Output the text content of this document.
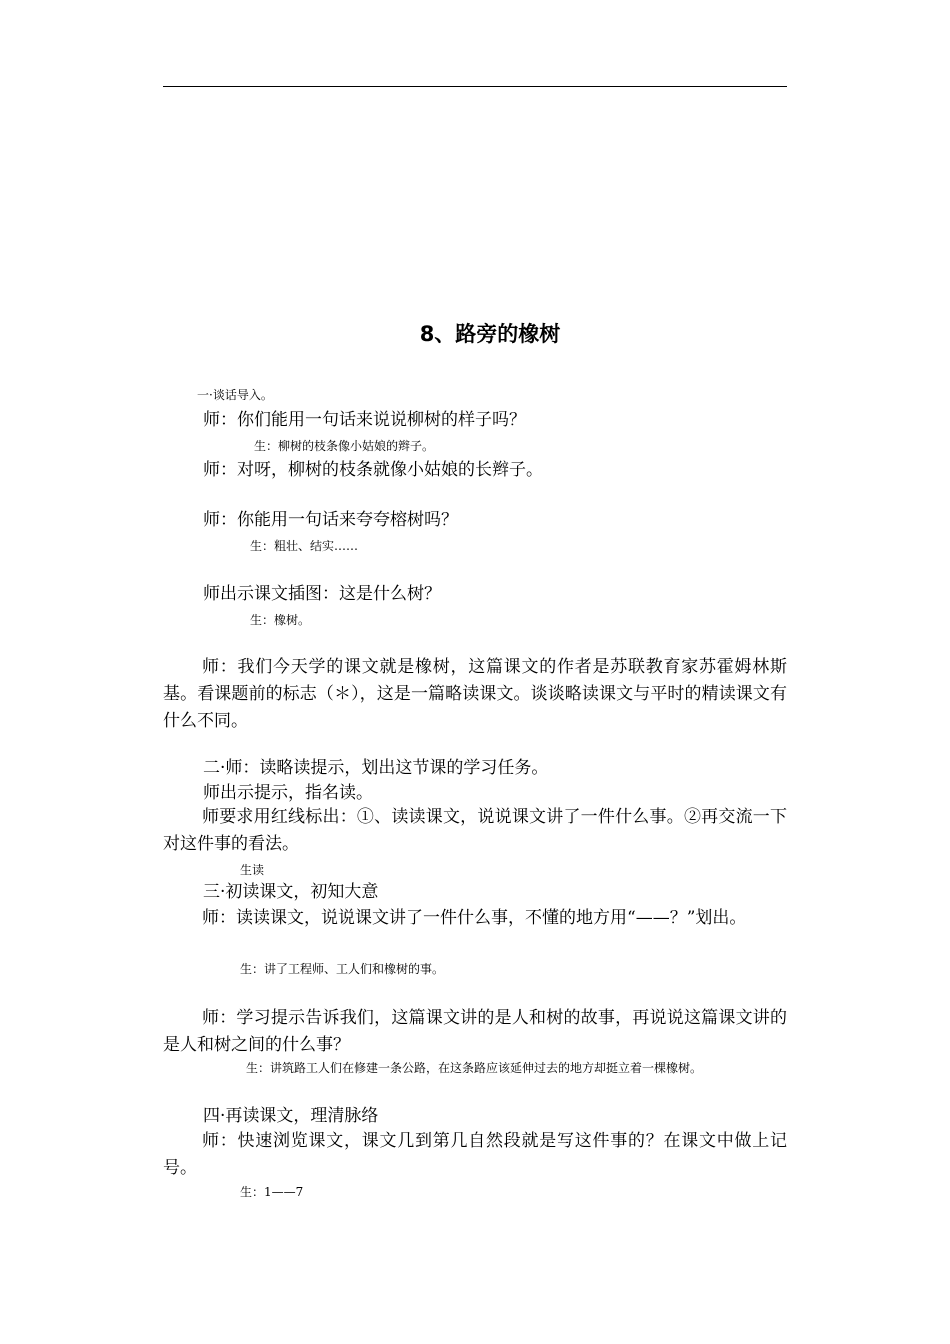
8、路旁的橡树
一·谈话导入。
师：你们能用一句话来说说柳树的样子吗？
生：柳树的枝条像小姑娘的辫子。
师：对呀，柳树的枝条就像小姑娘的长辫子。
师：你能用一句话来夸夸榕树吗？
生：粗壮、结实……
师出示课文插图：这是什么树？
生：橡树。
师：我们今天学的课文就是橡树，这篇课文的作者是苏联教育家苏霍姆林斯基。看课题前的标志（＊），这是一篇略读课文。谈谈略读课文与平时的精读课文有什么不同。
二·师：读略读提示，划出这节课的学习任务。
师出示提示，指名读。
师要求用红线标出：①、读读课文，说说课文讲了一件什么事。②再交流一下对这件事的看法。
生读
三·初读课文，初知大意
师：读读课文，说说课文讲了一件什么事，不懂的地方用“——？”划出。
生：讲了工程师、工人们和橡树的事。
师：学习提示告诉我们，这篇课文讲的是人和树的故事，再说说这篇课文讲的是人和树之间的什么事？
生：讲筑路工人们在修建一条公路，在这条路应该延伸过去的地方却挺立着一棵橡树。
四·再读课文，理清脉络
师：快速浏览课文，课文几到第几自然段就是写这件事的？在课文中做上记号。
生：1——7
